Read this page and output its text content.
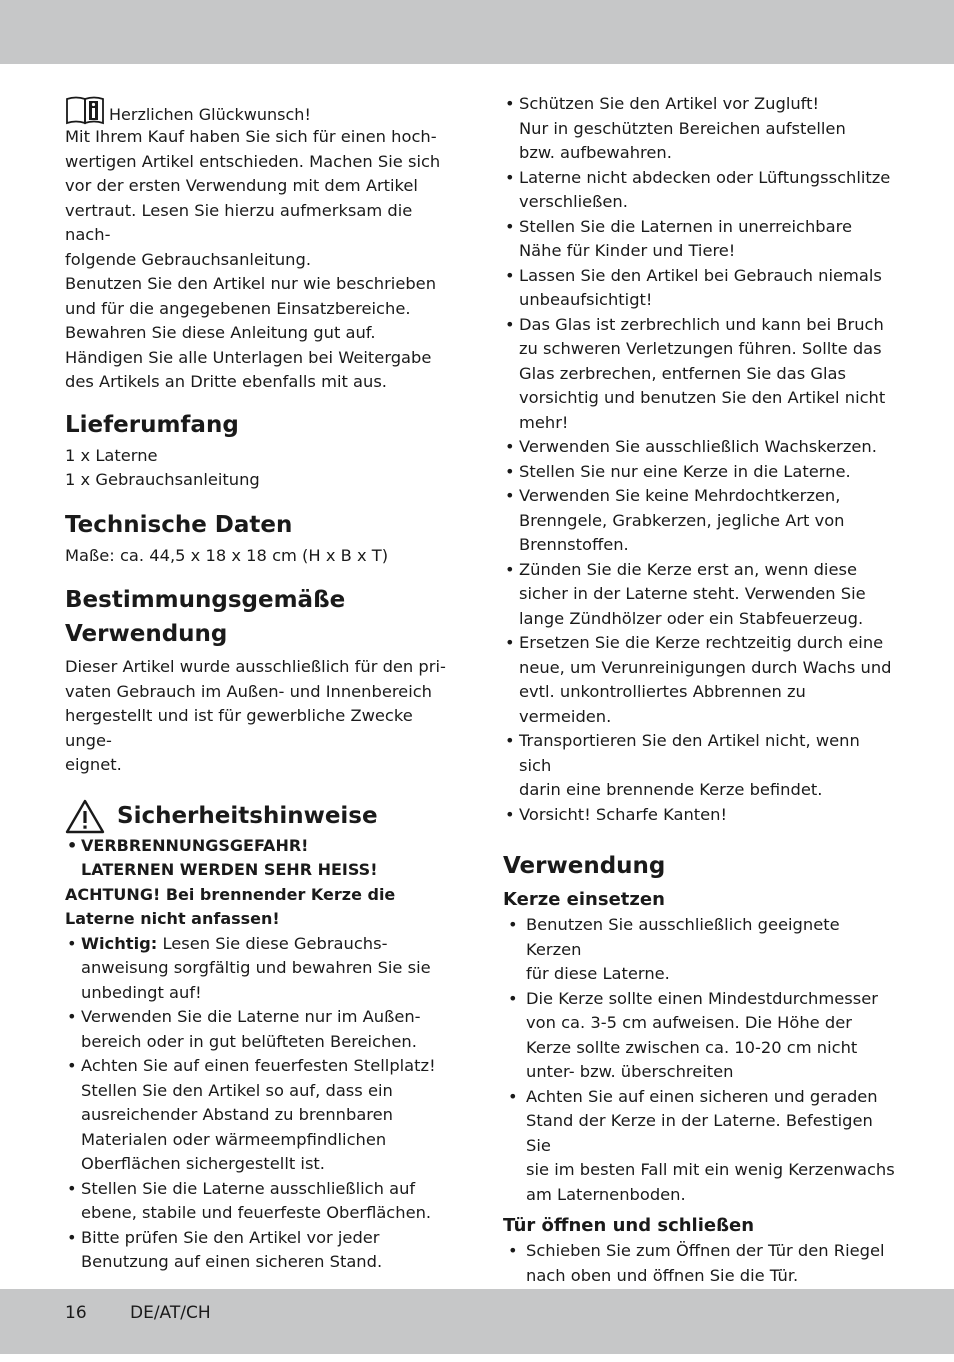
Herzlichen Glückwunsch!

Mit Ihrem Kauf haben Sie sich für einen hoch-

wertigen Artikel entschieden. Machen Sie sich

vor der ersten Verwendung mit dem Artikel

vertraut. Lesen Sie hierzu aufmerksam die nach-

folgende Gebrauchsanleitung.

Benutzen Sie den Artikel nur wie beschrieben

und für die angegebenen Einsatzbereiche.

Bewahren Sie diese Anleitung gut auf.

Händigen Sie alle Unterlagen bei Weitergabe

des Artikels an Dritte ebenfalls mit aus.

Lieferumfang

1 x Laterne

1 x Gebrauchsanleitung

Technische Daten

Maße: ca. 44,5 x 18 x 18 cm (H x B x T)

Bestimmungsgemäße
Verwendung

Dieser Artikel wurde ausschließlich für den pri-

vaten Gebrauch im Außen- und Innenbereich

hergestellt und ist für gewerbliche Zwecke unge-

eignet.

Sicherheitshinweise
• VERBRENNUNGSGEFAHR!
LATERNEN WERDEN SEHR HEISS!

ACHTUNG! Bei brennender Kerze die

Laterne nicht anfassen!

• Wichtig: Lesen Sie diese Gebrauchs-
anweisung sorgfältig und bewahren Sie sie
unbedingt auf!
• Verwenden Sie die Laterne nur im Außen-
bereich oder in gut belüfteten Bereichen.
• Achten Sie auf einen feuerfesten Stellplatz!
Stellen Sie den Artikel so auf, dass ein
ausreichender Abstand zu brennbaren
Materialen oder wärmeempfindlichen
Oberflächen sichergestellt ist.
• Stellen Sie die Laterne ausschließlich auf
ebene, stabile und feuerfeste Oberflächen.
• Bitte prüfen Sie den Artikel vor jeder
Benutzung auf einen sicheren Stand.
• Schützen Sie den Artikel vor Zugluft!
Nur in geschützten Bereichen aufstellen
bzw. aufbewahren.
• Laterne nicht abdecken oder Lüftungsschlitze
verschließen.
• Stellen Sie die Laternen in unerreichbare
Nähe für Kinder und Tiere!
• Lassen Sie den Artikel bei Gebrauch niemals
unbeaufsichtigt!
• Das Glas ist zerbrechlich und kann bei Bruch
zu schweren Verletzungen führen. Sollte das
Glas zerbrechen, entfernen Sie das Glas
vorsichtig und benutzen Sie den Artikel nicht
mehr!
• Verwenden Sie ausschließlich Wachskerzen.
• Stellen Sie nur eine Kerze in die Laterne.
• Verwenden Sie keine Mehrdochtkerzen,
Brenngele, Grabkerzen, jegliche Art von
Brennstoffen.
• Zünden Sie die Kerze erst an, wenn diese
sicher in der Laterne steht. Verwenden Sie
lange Zündhölzer oder ein Stabfeuerzeug.
• Ersetzen Sie die Kerze rechtzeitig durch eine
neue, um Verunreinigungen durch Wachs und
evtl. unkontrolliertes Abbrennen zu vermeiden.
• Transportieren Sie den Artikel nicht, wenn sich
darin eine brennende Kerze befindet.
• Vorsicht! Scharfe Kanten!
Verwendung
Kerze einsetzen
• Benutzen Sie ausschließlich geeignete Kerzen
für diese Laterne.
• Die Kerze sollte einen Mindestdurchmesser
von ca. 3-5 cm aufweisen. Die Höhe der
Kerze sollte zwischen ca. 10-20 cm nicht
unter- bzw. überschreiten
• Achten Sie auf einen sicheren und geraden
Stand der Kerze in der Laterne. Befestigen Sie
sie im besten Fall mit ein wenig Kerzenwachs
am Laternenboden.
Tür öffnen und schließen
• Schieben Sie zum Öffnen der Tür den Riegel
nach oben und öffnen Sie die Tür.
•

16	DE/AT/CH
